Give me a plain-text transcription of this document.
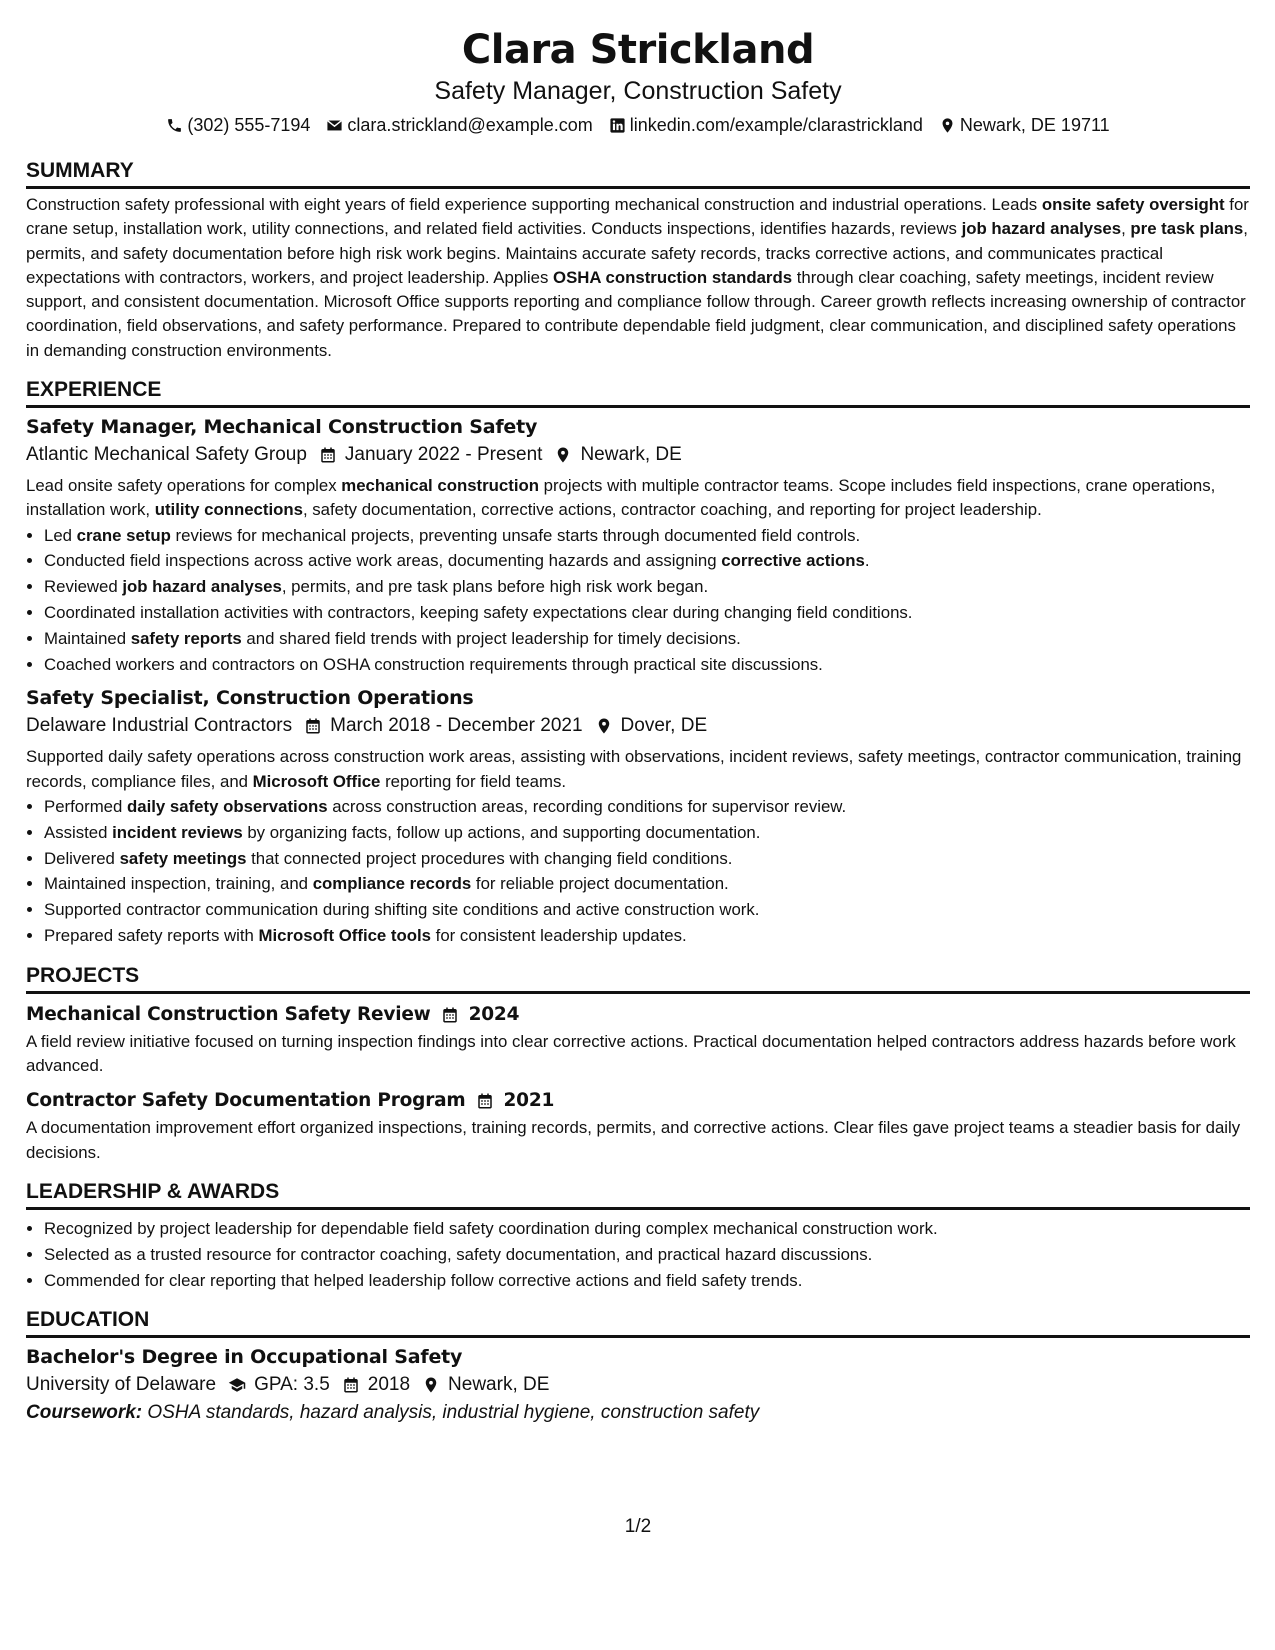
Clara Strickland
Safety Manager, Construction Safety
(302) 555-7194 clara.strickland@example.com linkedin.com/example/clarastrickland Newark, DE 19711
SUMMARY
Construction safety professional with eight years of field experience supporting mechanical construction and industrial operations. Leads onsite safety oversight for crane setup, installation work, utility connections, and related field activities. Conducts inspections, identifies hazards, reviews job hazard analyses, pre task plans, permits, and safety documentation before high risk work begins. Maintains accurate safety records, tracks corrective actions, and communicates practical expectations with contractors, workers, and project leadership. Applies OSHA construction standards through clear coaching, safety meetings, incident review support, and consistent documentation. Microsoft Office supports reporting and compliance follow through. Career growth reflects increasing ownership of contractor coordination, field observations, and safety performance. Prepared to contribute dependable field judgment, clear communication, and disciplined safety operations in demanding construction environments.
EXPERIENCE
Safety Manager, Mechanical Construction Safety
Atlantic Mechanical Safety Group January 2022 - Present Newark, DE
Lead onsite safety operations for complex mechanical construction projects with multiple contractor teams. Scope includes field inspections, crane operations, installation work, utility connections, safety documentation, corrective actions, contractor coaching, and reporting for project leadership.
• Led crane setup reviews for mechanical projects, preventing unsafe starts through documented field controls.
• Conducted field inspections across active work areas, documenting hazards and assigning corrective actions.
• Reviewed job hazard analyses, permits, and pre task plans before high risk work began.
• Coordinated installation activities with contractors, keeping safety expectations clear during changing field conditions.
• Maintained safety reports and shared field trends with project leadership for timely decisions.
• Coached workers and contractors on OSHA construction requirements through practical site discussions.
Safety Specialist, Construction Operations
Delaware Industrial Contractors March 2018 - December 2021 Dover, DE
Supported daily safety operations across construction work areas, assisting with observations, incident reviews, safety meetings, contractor communication, training records, compliance files, and Microsoft Office reporting for field teams.
• Performed daily safety observations across construction areas, recording conditions for supervisor review.
• Assisted incident reviews by organizing facts, follow up actions, and supporting documentation.
• Delivered safety meetings that connected project procedures with changing field conditions.
• Maintained inspection, training, and compliance records for reliable project documentation.
• Supported contractor communication during shifting site conditions and active construction work.
• Prepared safety reports with Microsoft Office tools for consistent leadership updates.
PROJECTS
Mechanical Construction Safety Review 2024
A field review initiative focused on turning inspection findings into clear corrective actions. Practical documentation helped contractors address hazards before work advanced.
Contractor Safety Documentation Program 2021
A documentation improvement effort organized inspections, training records, permits, and corrective actions. Clear files gave project teams a steadier basis for daily decisions.
LEADERSHIP & AWARDS
• Recognized by project leadership for dependable field safety coordination during complex mechanical construction work.
• Selected as a trusted resource for contractor coaching, safety documentation, and practical hazard discussions.
• Commended for clear reporting that helped leadership follow corrective actions and field safety trends.
EDUCATION
Bachelor's Degree in Occupational Safety
University of Delaware GPA: 3.5 2018 Newark, DE
Coursework: OSHA standards, hazard analysis, industrial hygiene, construction safety
1/2
